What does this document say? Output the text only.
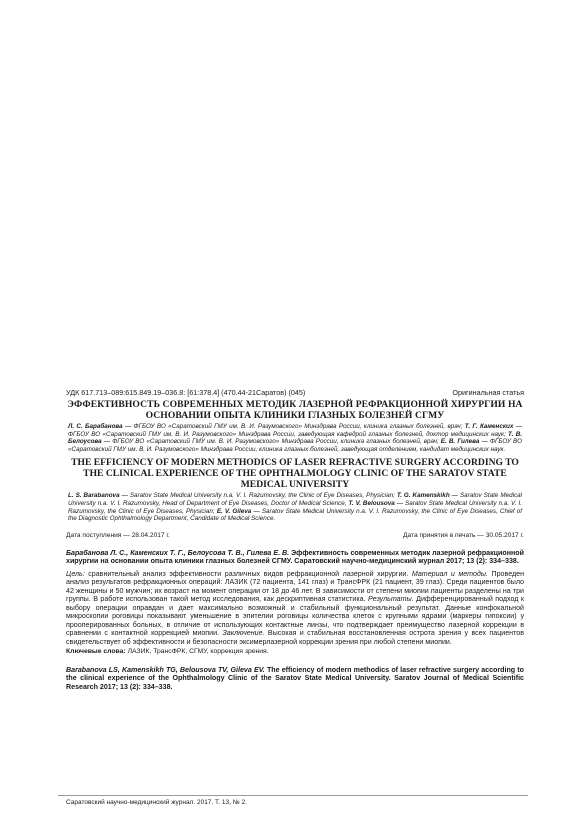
УДК 617.713–089:615.849.19–036.8: [61:378.4] (470.44-21Саратов) (045)	Оригинальная статья
ЭФФЕКТИВНОСТЬ СОВРЕМЕННЫХ МЕТОДИК ЛАЗЕРНОЙ РЕФРАКЦИОННОЙ ХИРУРГИИ НА ОСНОВАНИИ ОПЫТА КЛИНИКИ ГЛАЗНЫХ БОЛЕЗНЕЙ СГМУ
Л. С. Барабанова — ФГБОУ ВО «Саратовский ГМУ им. В. И. Разумовского» Минздрава России, клиника глазных болезней, врач; Т. Г. Каменских — ФГБОУ ВО «Саратовский ГМУ им. В. И. Разумовского» Минздрава России, заведующая кафедрой глазных болезней, доктор медицинских наук; Т. В. Белоусова — ФГБОУ ВО «Саратовский ГМУ им. В. И. Разумовского» Минздрава России, клиника глазных болезней, врач; Е. В. Гилева — ФГБОУ ВО «Саратовский ГМУ им. В. И. Разумовского» Минздрава России, клиника глазных болезней, заведующая отделением, кандидат медицинских наук.
THE EFFICIENCY OF MODERN METHODICS OF LASER REFRACTIVE SURGERY ACCORDING TO THE CLINICAL EXPERIENCE OF THE OPHTHALMOLOGY CLINIC OF THE SARATOV STATE MEDICAL UNIVERSITY
L. S. Barabanova — Saratov State Medical University n.a. V. I. Razumovsky, the Clinic of Eye Diseases, Physician; T. G. Kamenskikh — Saratov State Medical University n.a. V. I. Razumovsky, Head of Department of Eye Diseases, Doctor of Medical Science, T. V. Belousova — Saratov State Medical University n.a. V. I. Razumovsky, the Clinic of Eye Diseases, Physician; E. V. Gileva — Saratov State Medical University n.a. V. I. Razumovsky, the Clinic of Eye Diseases, Chief of the Diagnostic Ophthalmology Department, Candidate of Medical Science.
Дата поступления — 28.04.2017 г.	Дата принятия в печать — 30.05.2017 г.
Барабанова Л. С., Каменских Т. Г., Белоусова Т. В., Гилева Е. В. Эффективность современных методик лазерной рефракционной хирургии на основании опыта клиники глазных болезней СГМУ. Саратовский научно-медицинский журнал 2017; 13 (2): 334–338.
Цель: сравнительный анализ эффективности различных видов рефракционной лазерной хирургии. Материал и методы. Проведен анализ результатов рефракционных операций: ЛАЗИК (72 пациента, 141 глаз) и ТрансФРК (21 пациент, 39 глаз). Среди пациентов было 42 женщины и 50 мужчин; их возраст на момент операции от 18 до 46 лет. В зависимости от степени миопии пациенты разделены на три группы. В работе использован такой метод исследования, как дескриптивная статистика. Результаты. Дифференцированный подход к выбору операции оправдан и дает максимально возможный и стабильный функциональный результат. Данные конфокальной микроскопии роговицы показывают уменьшение в эпителии роговицы количества клеток с крупными ядрами (маркеры гипоксии) у прооперированных больных, в отличие от использующих контактные линзы, что подтверждает преимущество лазерной коррекции в сравнении с контактной коррекцией миопии. Заключение. Высокая и стабильная восстановленная острота зрения у всех пациентов свидетельствует об эффективности и безопасности эксимерлазерной коррекции зрения при любой степени миопии.
Ключевые слова: ЛАЗИК, ТрансФРК, СГМУ, коррекция зрения.
Barabanova LS, Kamenskikh TG, Belousova TV, Gileva EV. The efficiency of modern methodics of laser refractive surgery according to the clinical experience of the Ophthalmology Clinic of the Saratov State Medical University. Saratov Journal of Medical Scientific Research 2017; 13 (2): 334–338.
Саратовский научно-медицинский журнал. 2017. Т. 13, № 2.
